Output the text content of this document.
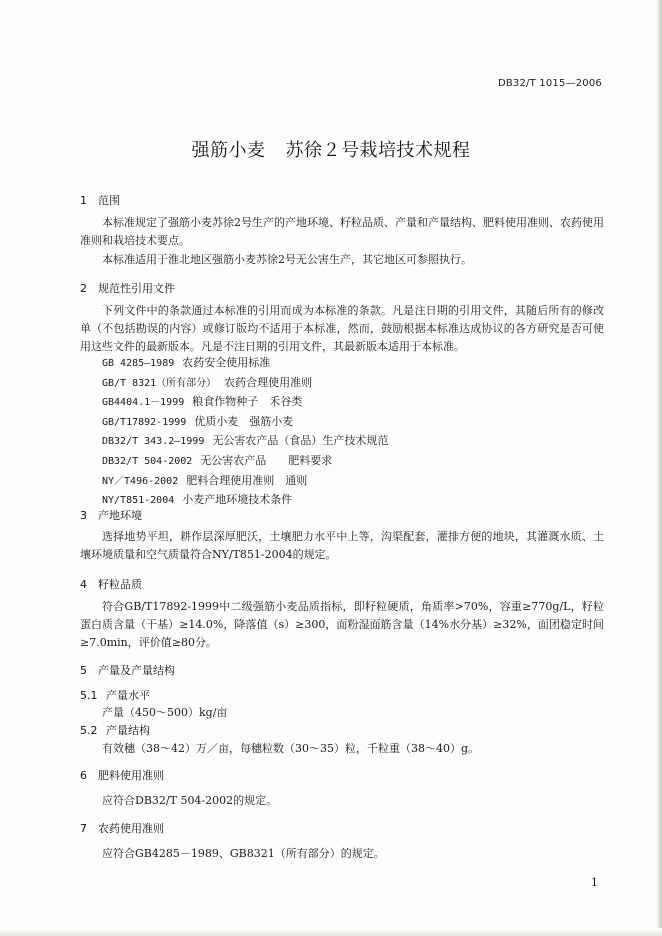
DB32/T 1015—2006
强筋小麦 苏徐２号栽培技术规程
1 范围
本标准规定了强筋小麦苏徐2号生产的产地环境、籽粒品质、产量和产量结构、肥料使用准则、农药使用准则和栽培技术要点。
本标准适用于淮北地区强筋小麦苏徐2号无公害生产，其它地区可参照执行。
2 规范性引用文件
下列文件中的条款通过本标准的引用而成为本标准的条款。凡是注日期的引用文件，其随后所有的修改单（不包括勘误的内容）或修订版均不适用于本标准，然而，鼓励根据本标准达成协议的各方研究是否可使用这些文件的最新版本。凡是不注日期的引用文件，其最新版本适用于本标准。
GB 4285—1989 农药安全使用标准
GB/T 8321（所有部分） 农药合理使用准则
GB4404.1－1999 粮食作物种子　禾谷类
GB/T17892-1999 优质小麦　强筋小麦
DB32/T 343.2—1999 无公害农产品（食品）生产技术规范
DB32/T 504-2002 无公害农产品　　肥料要求
NY／T496-2002 肥料合理使用准则　通则
NY/T851-2004 小麦产地环境技术条件
3 产地环境
选择地势平坦，耕作层深厚肥沃，土壤肥力水平中上等，沟渠配套，灌排方便的地块，其灌溉水质、土壤环境质量和空气质量符合NY/T851-2004的规定。
4 籽粒品质
符合GB/T17892-1999中二级强筋小麦品质指标，即籽粒硬质，角质率>70%，容重≥770g/L，籽粒蛋白质含量（干基）≥14.0%，降落值（s）≥300，面粉湿面筋含量（14%水分基）≥32%，面团稳定时间≥7.0min，评价值≥80分。
5 产量及产量结构
5.1 产量水平
产量（450～500）kg/亩
5.2 产量结构
有效穗（38～42）万／亩，每穗粒数（30～35）粒，千粒重（38～40）g。
6 肥料使用准则
应符合DB32/T 504-2002的规定。
7 农药使用准则
应符合GB4285－1989、GB8321（所有部分）的规定。
1
